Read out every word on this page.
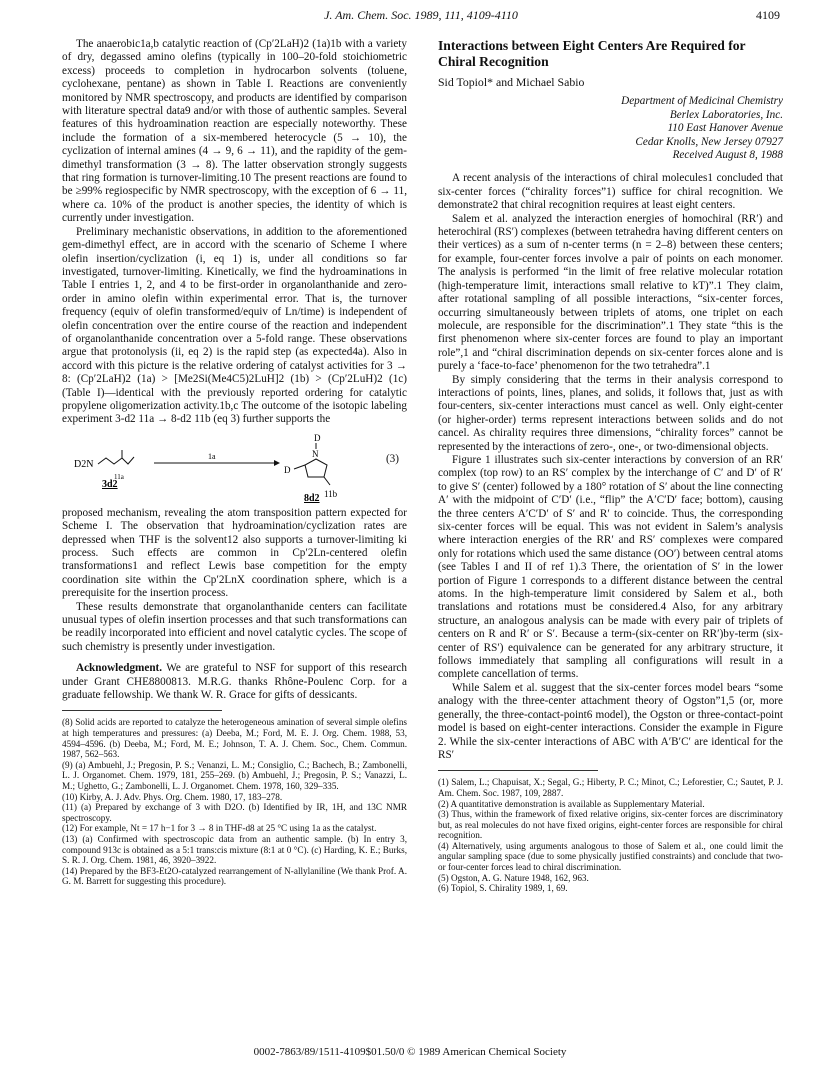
J. Am. Chem. Soc. 1989, 111, 4109-4110	4109

The anaerobic1a,b catalytic reaction of (Cp′2LaH)2 (1a)1b with a variety of dry, degassed amino olefins (typically in 100–20-fold stoichiometric excess) proceeds to completion in hydrocarbon solvents (toluene, cyclohexane, pentane) as shown in Table I. Reactions are conveniently monitored by NMR spectroscopy, and products are identified by comparison with literature spectral data9 and/or with those of authentic samples. Several features of this hydroamination reaction are especially noteworthy. These include the formation of a six-membered heterocycle (5 → 10), the cyclization of internal amines (4 → 9, 6 → 11), and the rapidity of the gem-dimethyl transformation (3 → 8). The latter observation strongly suggests that ring formation is turnover-limiting.10 The present reactions are found to be ≥99% regiospecific by NMR spectroscopy, with the exception of 6 → 11, where ca. 10% of the product is another species, the identity of which is currently under investigation.

Preliminary mechanistic observations, in addition to the aforementioned gem-dimethyl effect, are in accord with the scenario of Scheme I where olefin insertion/cyclization (i, eq 1) is, under all conditions so far investigated, turnover-limiting. Kinetically, we find the hydroaminations in Table I entries 1, 2, and 4 to be first-order in organolanthanide and zero-order in amino olefin within experimental error. That is, the turnover frequency (equiv of olefin transformed/equiv of Ln/time) is independent of olefin concentration over the entire course of the reaction and independent of organolanthanide concentration over a 5-fold range. These observations argue that protonolysis (ii, eq 2) is the rapid step (as expected4a). Also in accord with this picture is the relative ordering of catalyst activities for 3 → 8: (Cp′2LaH)2 (1a) > [Me2Si(Me4C5)2LuH]2 (1b) > (Cp′2LuH)2 (1c) (Table I)—identical with the previously reported ordering for catalytic propylene oligomerization activity.1b,c The outcome of the isotopic labeling experiment 3-d2 11a → 8-d2 11b (eq 3) further supports the

D2N
3d2
11a
1a
D
N
D
11b
8d2
(3)

proposed mechanism, revealing the atom transposition pattern expected for Scheme I. The observation that hydroamination/cyclization rates are depressed when THF is the solvent12 also supports a turnover-limiting ki process. Such effects are common in Cp′2Ln-centered olefin transformations1 and reflect Lewis base competition for the empty coordination site within the Cp′2LnX coordination sphere, which is a prerequisite for the insertion process.

These results demonstrate that organolanthanide centers can facilitate unusual types of olefin insertion processes and that such transformations can be readily incorporated into efficient and novel catalytic cycles. The scope of such chemistry is presently under investigation.

Acknowledgment. We are grateful to NSF for support of this research under Grant CHE8800813. M.R.G. thanks Rhône-Poulenc Corp. for a graduate fellowship. We thank W. R. Grace for gifts of dessicants.

(8) Solid acids are reported to catalyze the heterogeneous amination of several simple olefins at high temperatures and pressures: (a) Deeba, M.; Ford, M. E. J. Org. Chem. 1988, 53, 4594–4596. (b) Deeba, M.; Ford, M. E.; Johnson, T. A. J. Chem. Soc., Chem. Commun. 1987, 562–563.
(9) (a) Ambuehl, J.; Pregosin, P. S.; Venanzi, L. M.; Consiglio, C.; Bachech, B.; Zambonelli, L. J. Organomet. Chem. 1979, 181, 255–269. (b) Ambuehl, J.; Pregosin, P. S.; Vanazzi, L. M.; Ughetto, G.; Zambonelli, L. J. Organomet. Chem. 1978, 160, 329–335.
(10) Kirby, A. J. Adv. Phys. Org. Chem. 1980, 17, 183–278.
(11) (a) Prepared by exchange of 3 with D2O. (b) Identified by IR, 1H, and 13C NMR spectroscopy.
(12) For example, Nt = 17 h−1 for 3 → 8 in THF-d8 at 25 °C using 1a as the catalyst.
(13) (a) Confirmed with spectroscopic data from an authentic sample. (b) In entry 3, compound 913c is obtained as a 5:1 trans:cis mixture (8:1 at 0 °C). (c) Harding, K. E.; Burks, S. R. J. Org. Chem. 1981, 46, 3920–3922.
(14) Prepared by the BF3-Et2O-catalyzed rearrangement of N-allylaniline (We thank Prof. A. G. M. Barrett for suggesting this procedure).
Interactions between Eight Centers Are Required for Chiral Recognition
Sid Topiol* and Michael Sabio
Department of Medicinal Chemistry
Berlex Laboratories, Inc.
110 East Hanover Avenue
Cedar Knolls, New Jersey 07927
Received August 8, 1988

A recent analysis of the interactions of chiral molecules1 concluded that six-center forces (“chirality forces”1) suffice for chiral recognition. We demonstrate2 that chiral recognition requires at least eight centers.

Salem et al. analyzed the interaction energies of homochiral (RR′) and heterochiral (RS′) complexes (between tetrahedra having different centers on their vertices) as a sum of n-center terms (n = 2–8) between these centers; for example, four-center forces involve a pair of points on each monomer. The analysis is performed “in the limit of free relative molecular rotation (high-temperature limit, interactions small relative to kT)”.1 They claim, after rotational sampling of all possible interactions, “six-center forces, occurring simultaneously between triplets of atoms, one triplet on each molecule, are responsible for the discrimination”.1 They state “this is the first phenomenon where six-center forces are found to play an important role”,1 and “chiral discrimination depends on six-center forces alone and is purely a ‘face-to-face’ phenomenon for the two tetrahedra”.1

By simply considering that the terms in their analysis correspond to interactions of points, lines, planes, and solids, it follows that, just as with four-centers, six-center interactions must cancel as well. Only eight-center (or higher-order) terms represent interactions between solids and do not cancel. As chirality requires three dimensions, “chirality forces” cannot be represented by the interactions of zero-, one-, or two-dimensional objects.

Figure 1 illustrates such six-center interactions by conversion of an RR′ complex (top row) to an RS′ complex by the interchange of C′ and D′ of R′ to give S′ (center) followed by a 180° rotation of S′ about the line connecting A′ with the midpoint of C′D′ (i.e., “flip” the A′C′D′ face; bottom), causing the three centers A′C′D′ of S′ and R′ to coincide. Thus, the corresponding six-center forces will be equal. This was not evident in Salem’s analysis where interaction energies of the RR′ and RS′ complexes were compared only for rotations which used the same distance (OO′) between central atoms (see Tables I and II of ref 1).3 There, the orientation of S′ in the lower portion of Figure 1 corresponds to a different distance between the central atoms. In the high-temperature limit considered by Salem et al., both translations and rotations must be considered.4 Also, for any arbitrary structure, an analogous analysis can be made with every pair of triplets of centers on R and R′ or S′. Because a term-(six-center on RR′)by-term (six-center of RS′) equivalence can be generated for any arbitrary structure, it follows immediately that sampling all configurations will result in a complete cancellation of terms.

While Salem et al. suggest that the six-center forces model bears “some analogy with the three-center attachment theory of Ogston”1,5 (or, more generally, the three-contact-point6 model), the Ogston or three-contact-point model is based on eight-center interactions. Consider the example in Figure 2. While the six-center interactions of ABC with A′B′C′ are identical for the RS′

(1) Salem, L.; Chapuisat, X.; Segal, G.; Hiberty, P. C.; Minot, C.; Leforestier, C.; Sautet, P. J. Am. Chem. Soc. 1987, 109, 2887.
(2) A quantitative demonstration is available as Supplementary Material.
(3) Thus, within the framework of fixed relative origins, six-center forces are discriminatory but, as real molecules do not have fixed origins, eight-center forces are responsible for chiral recognition.
(4) Alternatively, using arguments analogous to those of Salem et al., one could limit the angular sampling space (due to some physically justified constraints) and conclude that two- or four-center forces lead to chiral discrimination.
(5) Ogston, A. G. Nature 1948, 162, 963.
(6) Topiol, S. Chirality 1989, 1, 69.
0002-7863/89/1511-4109$01.50/0 © 1989 American Chemical Society
